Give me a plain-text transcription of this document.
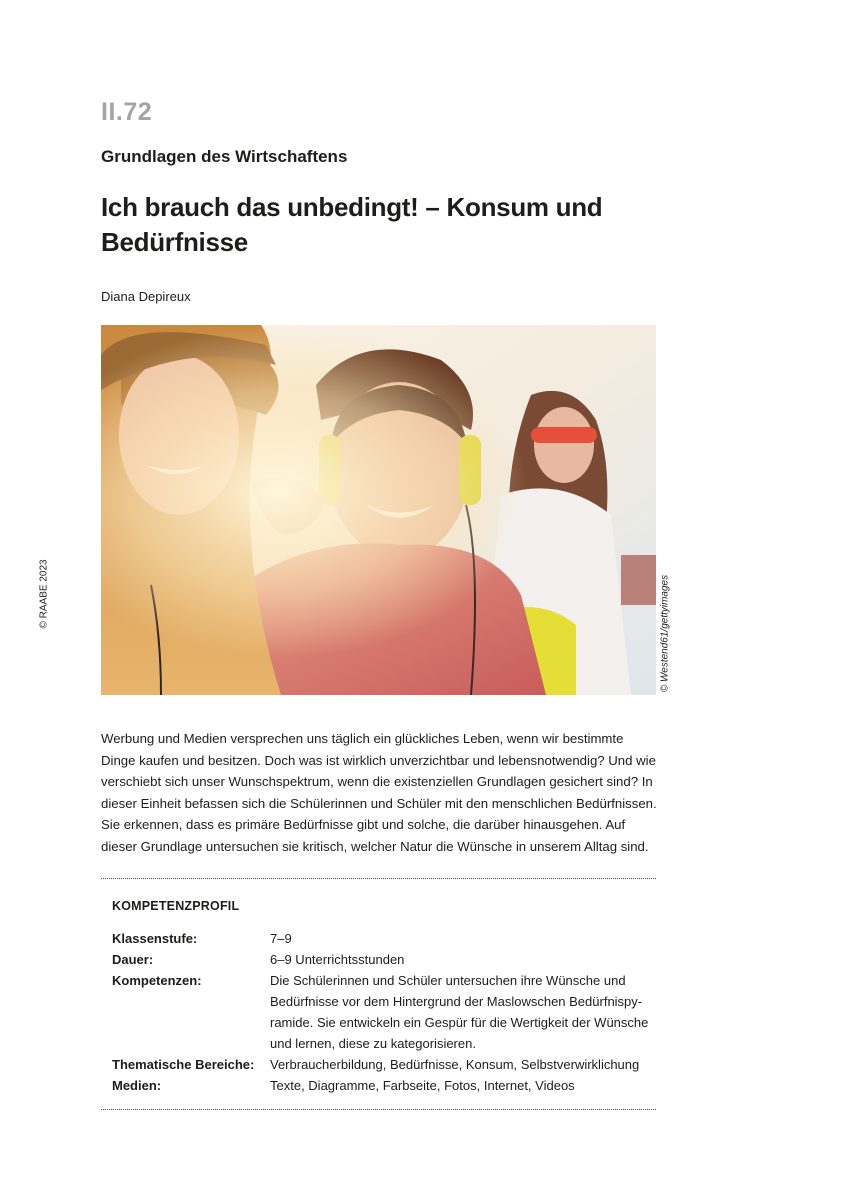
II.72
Grundlagen des Wirtschaftens
Ich brauch das unbedingt! – Konsum und Bedürfnisse
Diana Depireux
© RAABE 2023	© Westend61/gettyimages
Werbung und Medien versprechen uns täglich ein glückliches Leben, wenn wir bestimmte Dinge kaufen und besitzen. Doch was ist wirklich unverzichtbar und lebensnotwendig? Und wie verschiebt sich unser Wunschspektrum, wenn die existenziellen Grundlagen gesichert sind? In dieser Einheit befassen sich die Schülerinnen und Schüler mit den menschlichen Bedürfnissen. Sie erkennen, dass es primäre Bedürfnisse gibt und solche, die darüber hinausgehen. Auf dieser Grundlage untersuchen sie kritisch, welcher Natur die Wünsche in unserem Alltag sind.
KOMPETENZPROFIL
Klassenstufe:	7–9
Dauer:	6–9 Unterrichtsstunden
Kompetenzen:	Die Schülerinnen und Schüler untersuchen ihre Wünsche und Bedürfnisse vor dem Hintergrund der Maslowschen Bedürfnispy-ramide. Sie entwickeln ein Gespür für die Wertigkeit der Wünsche und lernen, diese zu kategorisieren.
Thematische Bereiche:	Verbraucherbildung, Bedürfnisse, Konsum, Selbstverwirklichung
Medien:	Texte, Diagramme, Farbseite, Fotos, Internet, Videos
